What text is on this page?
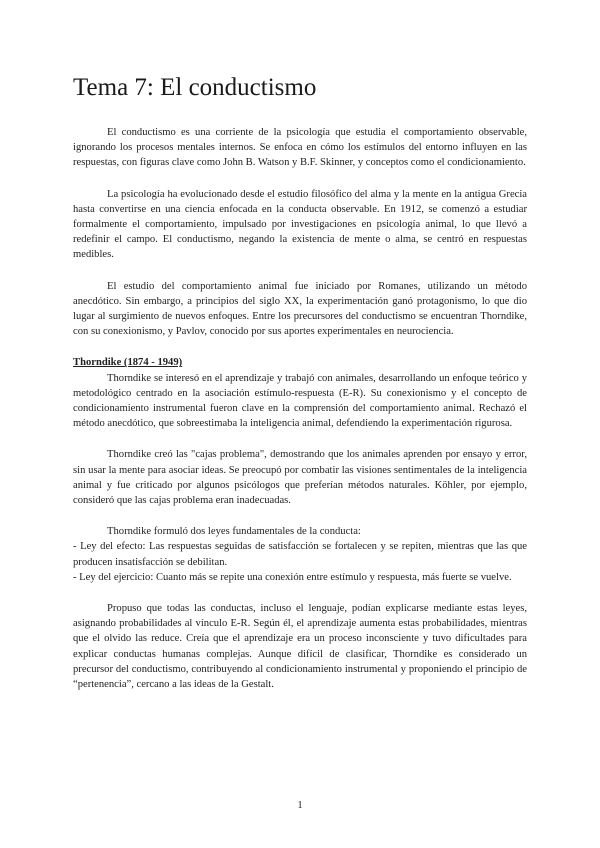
Tema 7: El conductismo

El conductismo es una corriente de la psicología que estudia el comportamiento observable, ignorando los procesos mentales internos. Se enfoca en cómo los estímulos del entorno influyen en las respuestas, con figuras clave como John B. Watson y B.F. Skinner, y conceptos como el condicionamiento.

La psicología ha evolucionado desde el estudio filosófico del alma y la mente en la antigua Grecia hasta convertirse en una ciencia enfocada en la conducta observable. En 1912, se comenzó a estudiar formalmente el comportamiento, impulsado por investigaciones en psicología animal, lo que llevó a redefinir el campo. El conductismo, negando la existencia de mente o alma, se centró en respuestas medibles.

El estudio del comportamiento animal fue iniciado por Romanes, utilizando un método anecdótico. Sin embargo, a principios del siglo XX, la experimentación ganó protagonismo, lo que dio lugar al surgimiento de nuevos enfoques. Entre los precursores del conductismo se encuentran Thorndike, con su conexionismo, y Pavlov, conocido por sus aportes experimentales en neurociencia.

Thorndike (1874 - 1949)

Thorndike se interesó en el aprendizaje y trabajó con animales, desarrollando un enfoque teórico y metodológico centrado en la asociación estímulo-respuesta (E-R). Su conexionismo y el concepto de condicionamiento instrumental fueron clave en la comprensión del comportamiento animal. Rechazó el método anecdótico, que sobreestimaba la inteligencia animal, defendiendo la experimentación rigurosa.

Thorndike creó las "cajas problema", demostrando que los animales aprenden por ensayo y error, sin usar la mente para asociar ideas. Se preocupó por combatir las visiones sentimentales de la inteligencia animal y fue criticado por algunos psicólogos que preferían métodos naturales. Köhler, por ejemplo, consideró que las cajas problema eran inadecuadas.

Thorndike formuló dos leyes fundamentales de la conducta:

- Ley del efecto: Las respuestas seguidas de satisfacción se fortalecen y se repiten, mientras que las que producen insatisfacción se debilitan.

- Ley del ejercicio: Cuanto más se repite una conexión entre estímulo y respuesta, más fuerte se vuelve.

Propuso que todas las conductas, incluso el lenguaje, podían explicarse mediante estas leyes, asignando probabilidades al vínculo E-R. Según él, el aprendizaje aumenta estas probabilidades, mientras que el olvido las reduce. Creía que el aprendizaje era un proceso inconsciente y tuvo dificultades para explicar conductas humanas complejas. Aunque difícil de clasificar, Thorndike es considerado un precursor del conductismo, contribuyendo al condicionamiento instrumental y proponiendo el principio de “pertenencia”, cercano a las ideas de la Gestalt.

1
